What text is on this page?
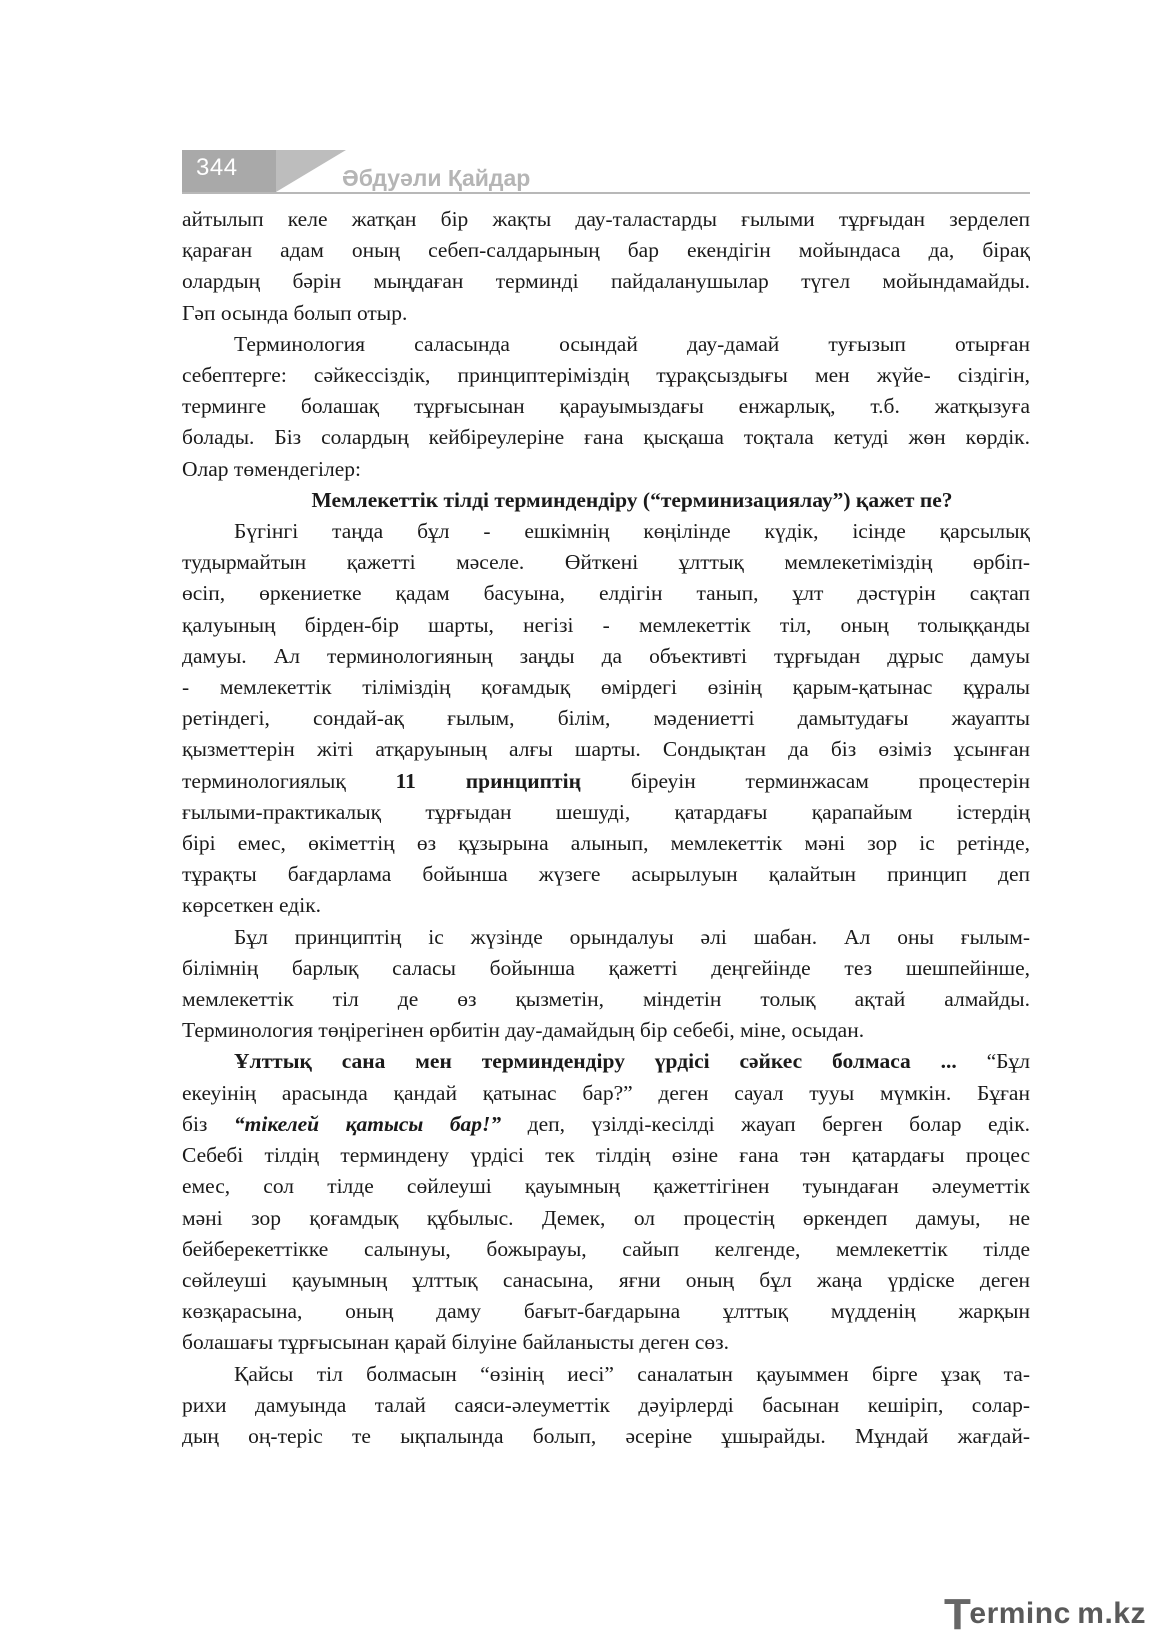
344	Әбдуәли Қайдар

айтылып келе жатқан бір жақты дау-таластарды ғылыми тұрғыдан зерделеп
қараған адам оның себеп-салдарының бар екендігін мойындаса да, бірақ
олардың бәрін мыңдаған терминді пайдаланушылар түгел мойындамайды.
Гәп осында болып отыр.

Терминология саласында осындай дау-дамай туғызып отырған
себептерге: сәйкессіздік, принциптеріміздің тұрақсыздығы мен жүйе- сіздігін,
терминге болашақ тұрғысынан қарауымыздағы енжарлық, т.б. жатқызуға
болады. Біз солардың кейбіреулеріне ғана қысқаша тоқтала кетуді жөн көрдік.
Олар төмендегілер:

Мемлекеттік тілді терминдендіру (“терминизациялау”) қажет пе?

Бүгінгі таңда бұл - ешкімнің көңілінде күдік, ісінде қарсылық
тудырмайтын қажетті мәселе. Өйткені ұлттық мемлекетіміздің өрбіп-
өсіп, өркениетке қадам басуына, елдігін танып, ұлт дәстүрін сақтап
қалуының бірден-бір шарты, негізі - мемлекеттік тіл, оның толыққанды
дамуы. Ал терминологияның заңды да объективті тұрғыдан дұрыс дамуы
- мемлекеттік тіліміздің қоғамдық өмірдегі өзінің қарым-қатынас құралы
ретіндегі, сондай-ақ ғылым, білім, мәдениетті дамытудағы жауапты
қызметтерін жіті атқаруының алғы шарты. Сондықтан да біз өзіміз ұсынған
терминологиялық 11 принциптің біреуін терминжасам процестерін
ғылыми-практикалық тұрғыдан шешуді, қатардағы қарапайым істердің
бірі емес, өкіметтің өз құзырына алынып, мемлекеттік мәні зор іс ретінде,
тұрақты бағдарлама бойынша жүзеге асырылуын қалайтын принцип деп
көрсеткен едік.

Бұл принциптің іс жүзінде орындалуы әлі шабан. Ал оны ғылым-
білімнің барлық саласы бойынша қажетті деңгейінде тез шешпейінше,
мемлекеттік тіл де өз қызметін, міндетін толық ақтай алмайды.
Терминология төңірегінен өрбитін дау-дамайдың бір себебі, міне, осыдан.

Ұлттық сана мен терминдендіру үрдісі сәйкес болмаса ... “Бұл
екеуінің арасында қандай қатынас бар?” деген сауал тууы мүмкін. Бұған
біз “тікелей қатысы бар!” деп, үзілді-кесілді жауап берген болар едік.
Себебі тілдің терминдену үрдісі тек тілдің өзіне ғана тән қатардағы процес
емес, сол тілде сөйлеуші қауымның қажеттігінен туындаған әлеуметтік
мәні зор қоғамдық құбылыс. Демек, ол процестің өркендеп дамуы, не
бейберекеттікке салынуы, божырауы, сайып келгенде, мемлекеттік тілде
сөйлеуші қауымның ұлттық санасына, яғни оның бұл жаңа үрдіске деген
көзқарасына, оның даму бағыт-бағдарына ұлттық мүдденің жарқын
болашағы тұрғысынан қарай білуіне байланысты деген сөз.

Қайсы тіл болмасын “өзінің иесі” саналатын қауыммен бірге ұзақ та-
рихи дамуында талай саяси-әлеуметтік дәуірлерді басынан кешіріп, солар-
дың оң-теріс те ықпалында болып, әсеріне ұшырайды. Мұндай жағдай-

Terminc m.kz
